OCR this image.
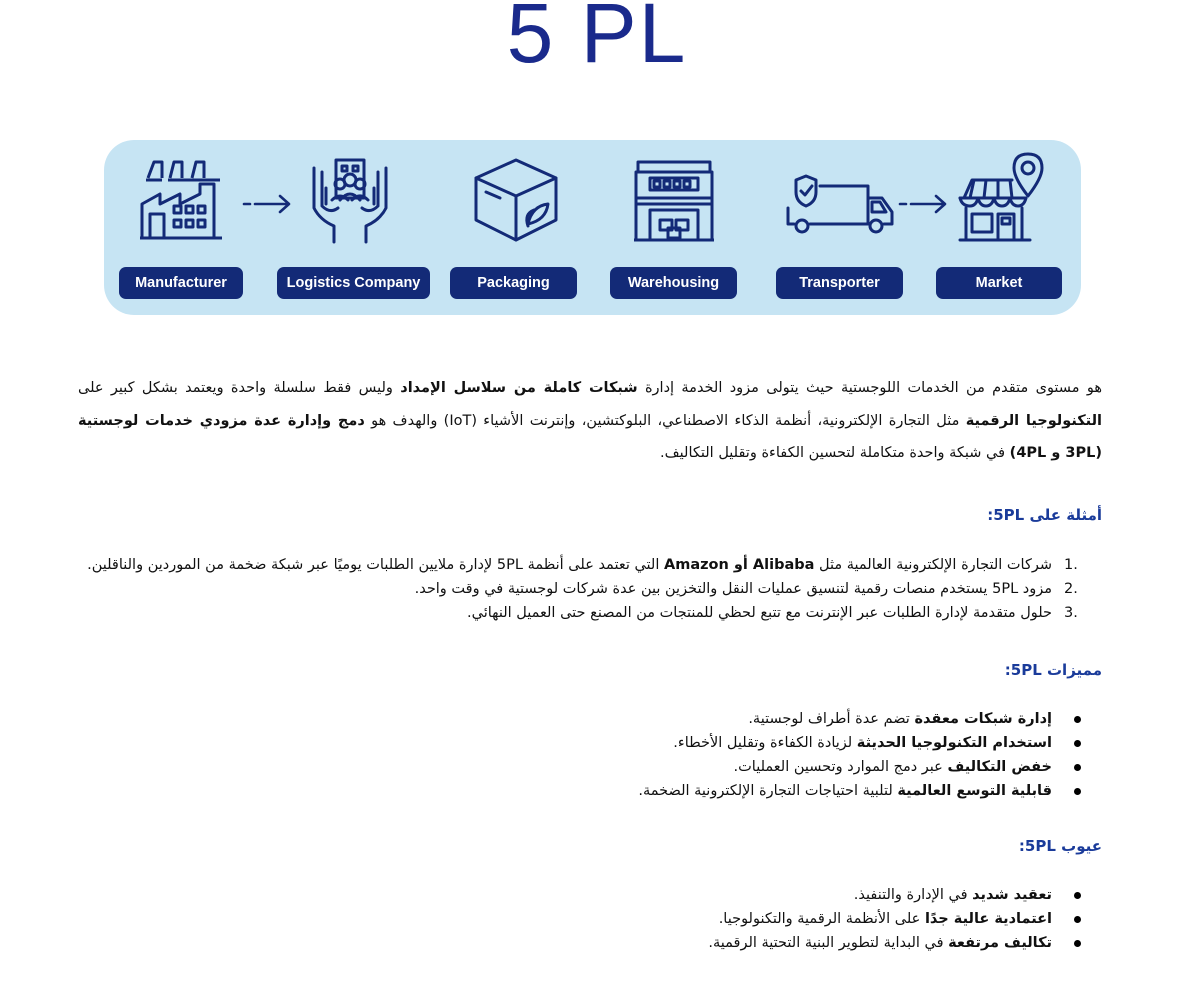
5 PL
Manufacturer	Logistics Company	Packaging	Warehousing	Transporter	Market

هو مستوى متقدم من الخدمات اللوجستية حيث يتولى مزود الخدمة إدارة شبكات كاملة من سلاسل الإمداد وليس فقط سلسلة واحدة ويعتمد بشكل كبير على التكنولوجيا الرقمية مثل التجارة الإلكترونية، أنظمة الذكاء الاصطناعي، البلوكتشين، وإنترنت الأشياء (IoT) والهدف هو دمج وإدارة عدة مزودي خدمات لوجستية (3PL و 4PL) في شبكة واحدة متكاملة لتحسين الكفاءة وتقليل التكاليف.

أمثلة على 5PL:
1.
شركات التجارة الإلكترونية العالمية مثل Amazon أو Alibaba التي تعتمد على أنظمة 5PL لإدارة ملايين الطلبات يوميًا عبر شبكة ضخمة من الموردين والناقلين.
2.
مزود 5PL يستخدم منصات رقمية لتنسيق عمليات النقل والتخزين بين عدة شركات لوجستية في وقت واحد.
3.
حلول متقدمة لإدارة الطلبات عبر الإنترنت مع تتبع لحظي للمنتجات من المصنع حتى العميل النهائي.
مميزات 5PL:
إدارة شبكات معقدة تضم عدة أطراف لوجستية.
استخدام التكنولوجيا الحديثة لزيادة الكفاءة وتقليل الأخطاء.
خفض التكاليف عبر دمج الموارد وتحسين العمليات.
قابلية التوسع العالمية لتلبية احتياجات التجارة الإلكترونية الضخمة.
عيوب 5PL:
تعقيد شديد في الإدارة والتنفيذ.
اعتمادية عالية جدًا على الأنظمة الرقمية والتكنولوجيا.
تكاليف مرتفعة في البداية لتطوير البنية التحتية الرقمية.
